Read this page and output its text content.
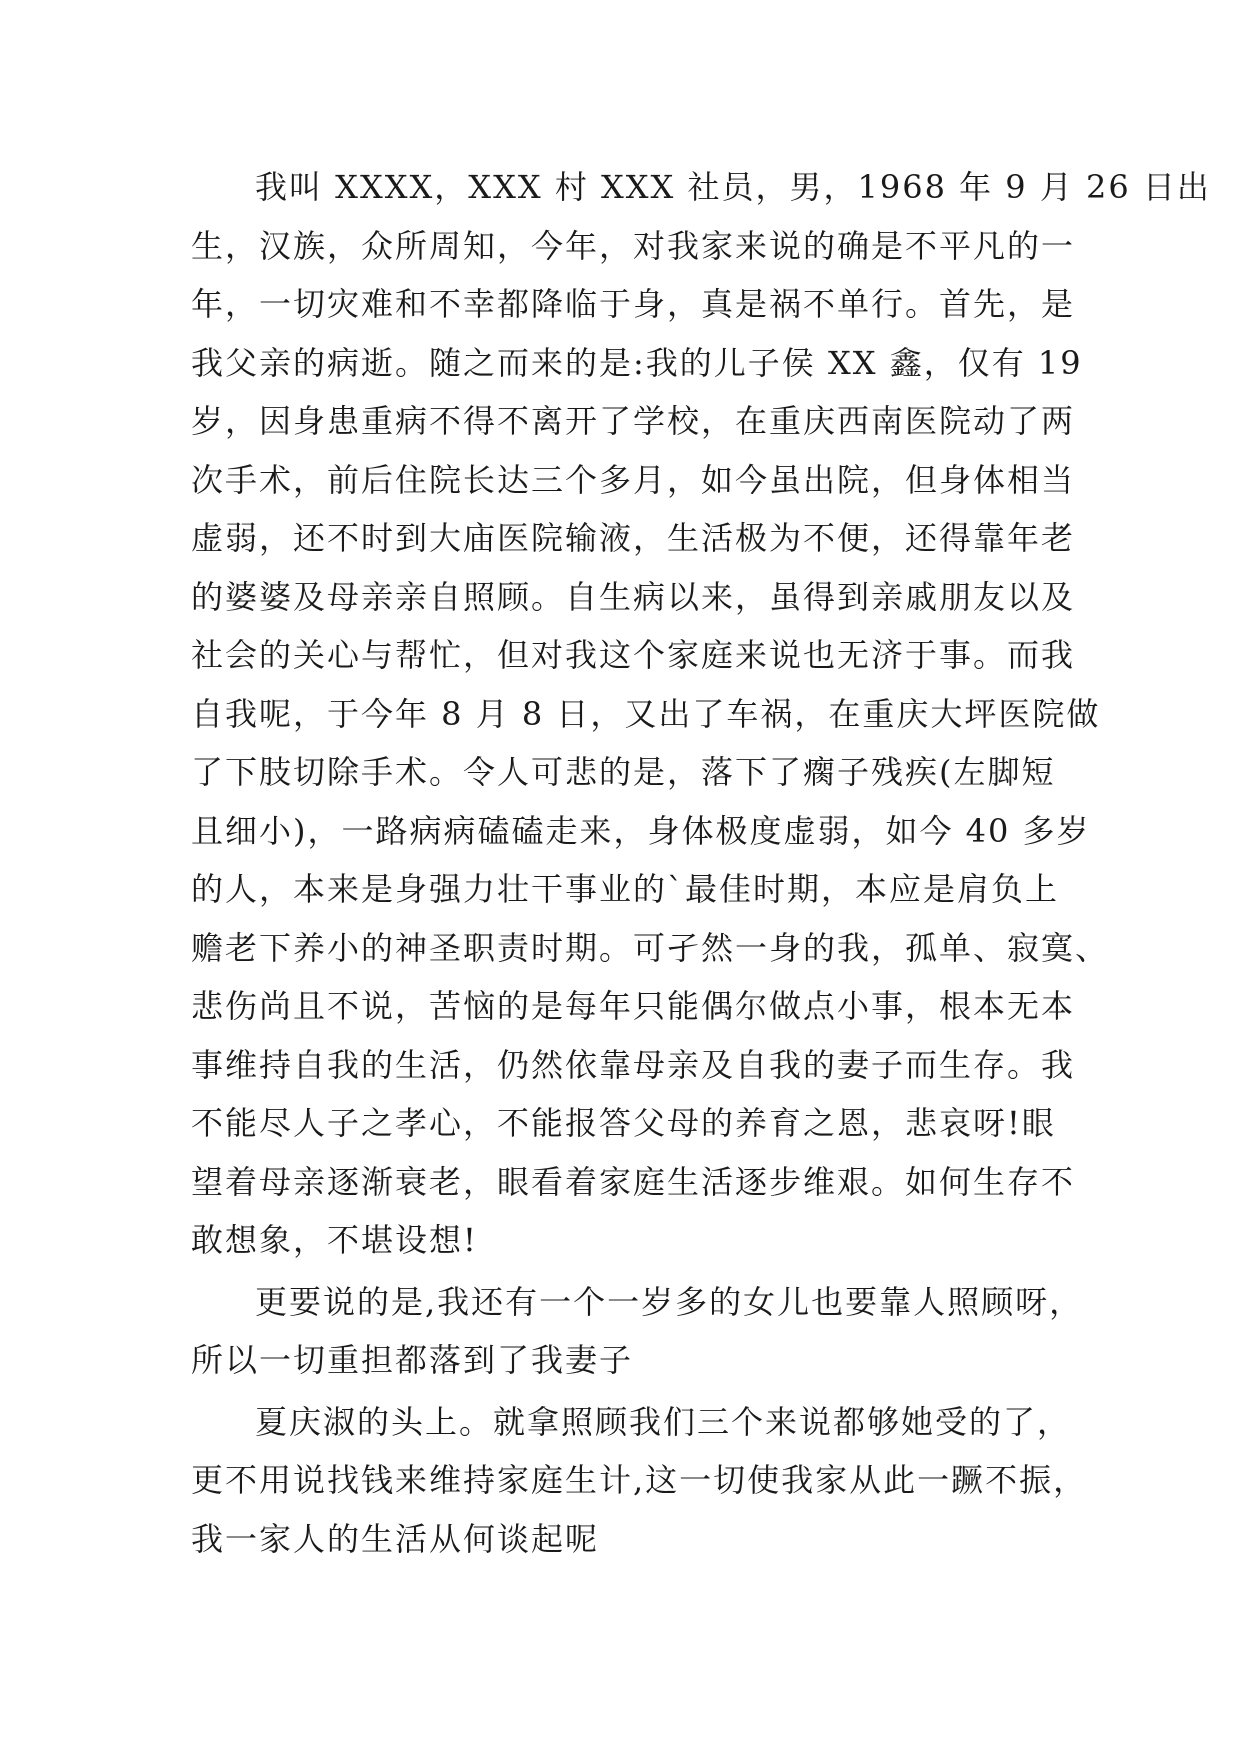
我叫 XXXX，XXX 村 XXX 社员，男，1968 年 9 月 26 日出
生，汉族，众所周知，今年，对我家来说的确是不平凡的一
年，一切灾难和不幸都降临于身，真是祸不单行。首先，是
我父亲的病逝。随之而来的是:我的儿子侯 XX 鑫，仅有 19
岁，因身患重病不得不离开了学校，在重庆西南医院动了两
次手术，前后住院长达三个多月，如今虽出院，但身体相当
虚弱，还不时到大庙医院输液，生活极为不便，还得靠年老
的婆婆及母亲亲自照顾。自生病以来，虽得到亲戚朋友以及
社会的关心与帮忙，但对我这个家庭来说也无济于事。而我
自我呢，于今年 8 月 8 日，又出了车祸，在重庆大坪医院做
了下肢切除手术。令人可悲的是，落下了瘸子残疾(左脚短
且细小)，一路病病磕磕走来，身体极度虚弱，如今 40 多岁
的人，本来是身强力壮干事业的`最佳时期，本应是肩负上
赡老下养小的神圣职责时期。可孑然一身的我，孤单、寂寞、
悲伤尚且不说，苦恼的是每年只能偶尔做点小事，根本无本
事维持自我的生活，仍然依靠母亲及自我的妻子而生存。我
不能尽人子之孝心，不能报答父母的养育之恩，悲哀呀!眼
望着母亲逐渐衰老，眼看着家庭生活逐步维艰。如何生存不
敢想象，不堪设想!
更要说的是,我还有一个一岁多的女儿也要靠人照顾呀，
所以一切重担都落到了我妻子
夏庆淑的头上。就拿照顾我们三个来说都够她受的了，
更不用说找钱来维持家庭生计,这一切使我家从此一蹶不振，
我一家人的生活从何谈起呢
